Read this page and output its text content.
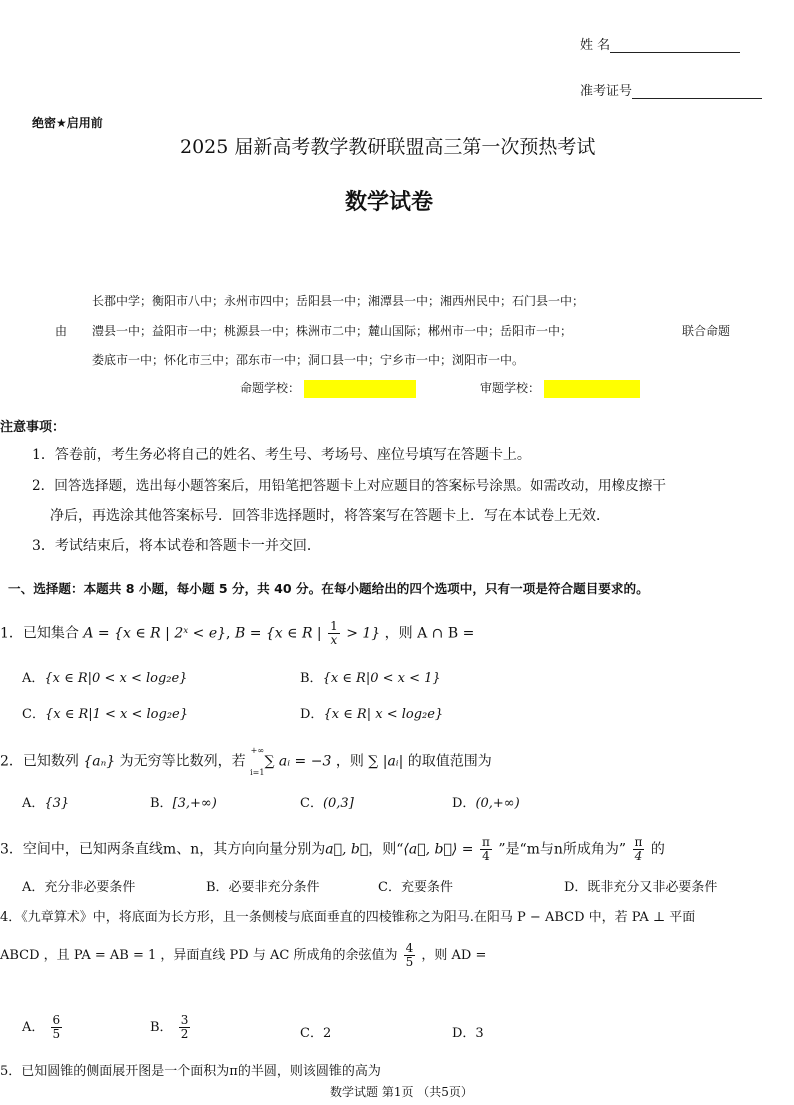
姓 名
准考证号
绝密★启用前
2025 届新高考教学教研联盟高三第一次预热考试
数学试卷
长郡中学；衡阳市八中；永州市四中；岳阳县一中；湘潭县一中；湘西州民中；石门县一中；
由 澧县一中；益阳市一中；桃源县一中；株洲市二中；麓山国际；郴州市一中；岳阳市一中；	联合命题
娄底市一中；怀化市三中；邵东市一中；洞口县一中；宁乡市一中；浏阳市一中。
命题学校：	审题学校：
注意事项：
1．答卷前，考生务必将自己的姓名、考生号、考场号、座位号填写在答题卡上。
2．回答选择题，选出每小题答案后，用铅笔把答题卡上对应题目的答案标号涂黑。如需改动，用橡皮擦干
净后，再选涂其他答案标号．回答非选择题时，将答案写在答题卡上．写在本试卷上无效．
3．考试结束后，将本试卷和答题卡一并交回．
一、选择题：本题共 8 小题，每小题 5 分，共 40 分。在每小题给出的四个选项中，只有一项是符合题目要求的。
1．已知集合 A = {x ∈ R | 2ˣ < e}, B = {x ∈ R | $\frac{1}{x} > 1$} ，则 A ∩ B =
A．{x ∈ R|0 < x < log₂e}	B．{x ∈ R|0 < x < 1}
C．{x ∈ R|1 < x < log₂e}	D．{x ∈ R| x < log₂e}
2．已知数列 {aₙ} 为无穷等比数列，若
+∞

i=1
∑ aᵢ = −3 ，则 ∑ |aᵢ| 的取值范围为
A．{3}	B．[3,+∞)	C．(0,3]	D．(0,+∞)
3．空间中，已知两条直线m、n，其方向向量分别为a⃗, b⃗，则“⟨a⃗, b⃗⟩ = $\frac{\pi}{4}$ ”是“m与n所成角为” $\frac{\pi}{4}$ 的
A．充分非必要条件	B．必要非充分条件	C．充要条件	D．既非充分又非必要条件
4．《九章算术》中，将底面为长方形，且一条侧棱与底面垂直的四棱锥称之为阳马.在阳马 P − ABCD 中，若 PA ⊥ 平面
ABCD ，且 PA = AB = 1 ，异面直线 PD 与 AC 所成角的余弦值为 $\frac{4}{5}$ ，则 AD =
A． $\frac{6}{5}$	B． $\frac{3}{2}$	C．2	D．3
5．已知圆锥的侧面展开图是一个面积为π的半圆，则该圆锥的高为
数学试题 第1页 （共5页）
